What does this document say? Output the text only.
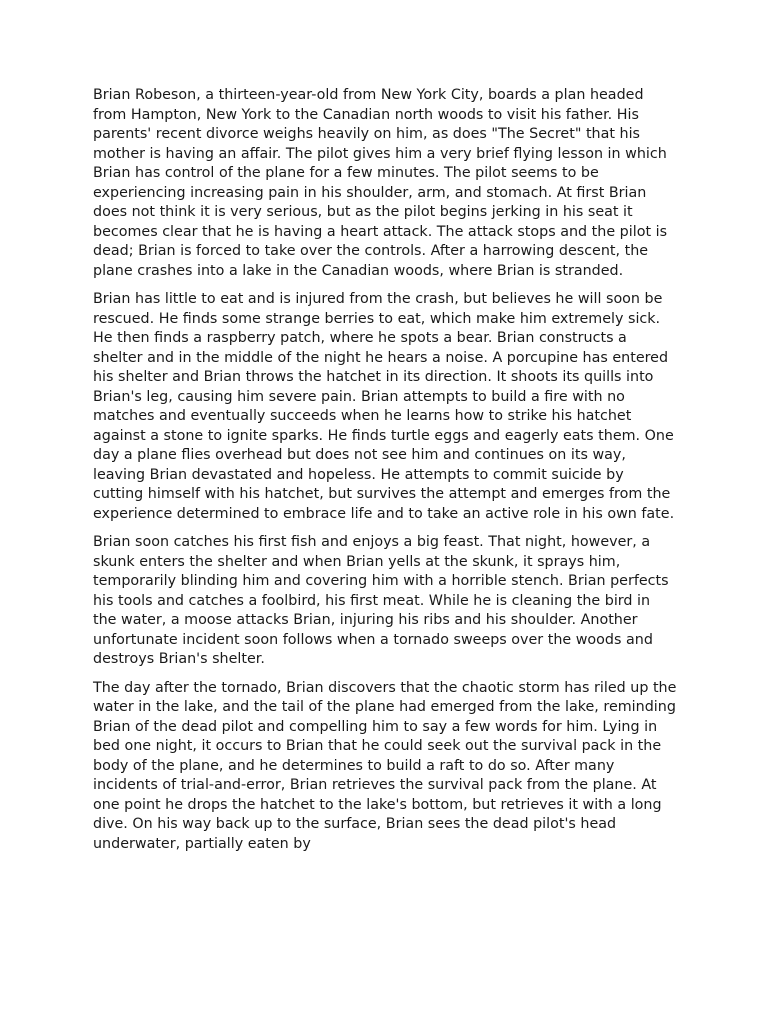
Brian Robeson, a thirteen-year-old from New York City, boards a plan headed from Hampton, New York to the Canadian north woods to visit his father. His parents' recent divorce weighs heavily on him, as does "The Secret" that his mother is having an affair. The pilot gives him a very brief flying lesson in which Brian has control of the plane for a few minutes. The pilot seems to be experiencing increasing pain in his shoulder, arm, and stomach. At first Brian does not think it is very serious, but as the pilot begins jerking in his seat it becomes clear that he is having a heart attack. The attack stops and the pilot is dead; Brian is forced to take over the controls. After a harrowing descent, the plane crashes into a lake in the Canadian woods, where Brian is stranded.

Brian has little to eat and is injured from the crash, but believes he will soon be rescued. He finds some strange berries to eat, which make him extremely sick. He then finds a raspberry patch, where he spots a bear. Brian constructs a shelter and in the middle of the night he hears a noise. A porcupine has entered his shelter and Brian throws the hatchet in its direction. It shoots its quills into Brian's leg, causing him severe pain. Brian attempts to build a fire with no matches and eventually succeeds when he learns how to strike his hatchet against a stone to ignite sparks. He finds turtle eggs and eagerly eats them. One day a plane flies overhead but does not see him and continues on its way, leaving Brian devastated and hopeless. He attempts to commit suicide by cutting himself with his hatchet, but survives the attempt and emerges from the experience determined to embrace life and to take an active role in his own fate.

Brian soon catches his first fish and enjoys a big feast. That night, however, a skunk enters the shelter and when Brian yells at the skunk, it sprays him, temporarily blinding him and covering him with a horrible stench. Brian perfects his tools and catches a foolbird, his first meat. While he is cleaning the bird in the water, a moose attacks Brian, injuring his ribs and his shoulder. Another unfortunate incident soon follows when a tornado sweeps over the woods and destroys Brian's shelter.

The day after the tornado, Brian discovers that the chaotic storm has riled up the water in the lake, and the tail of the plane had emerged from the lake, reminding Brian of the dead pilot and compelling him to say a few words for him. Lying in bed one night, it occurs to Brian that he could seek out the survival pack in the body of the plane, and he determines to build a raft to do so. After many incidents of trial-and-error, Brian retrieves the survival pack from the plane. At one point he drops the hatchet to the lake's bottom, but retrieves it with a long dive. On his way back up to the surface, Brian sees the dead pilot's head underwater, partially eaten by
